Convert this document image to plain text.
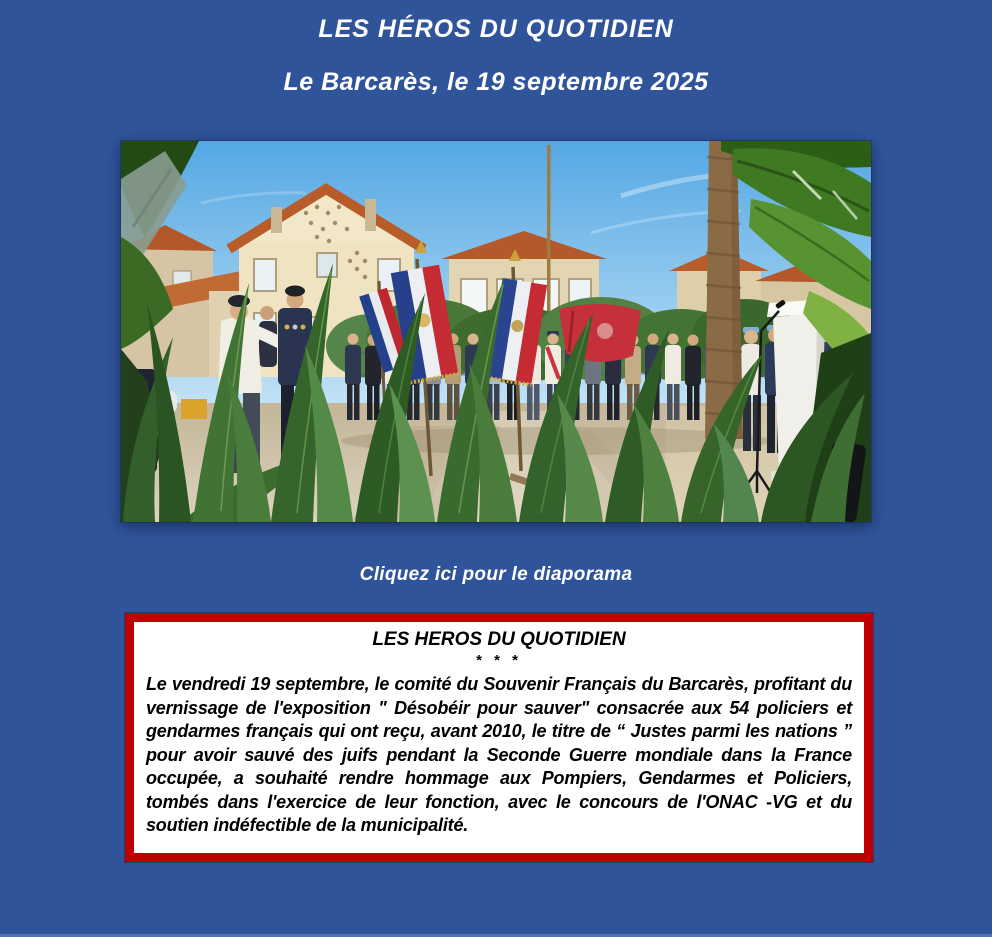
LES HÉROS DU QUOTIDIEN
Le Barcarès, le 19 septembre 2025
Cliquez ici pour le diaporama
LES HEROS DU QUOTIDIEN
* * *
Le vendredi 19 septembre, le comité du Souvenir Français du Barcarès, profitant du vernissage de l'exposition " Désobéir pour sauver" consacrée aux 54 policiers et gendarmes français qui ont reçu, avant 2010, le titre de “ Justes parmi les nations ” pour avoir sauvé des juifs pendant la Seconde Guerre mondiale dans la France occupée, a souhaité rendre hommage aux Pompiers, Gendarmes et Policiers, tombés dans l'exercice de leur fonction, avec le concours de l'ONAC -VG et du soutien indéfectible de la municipalité.
